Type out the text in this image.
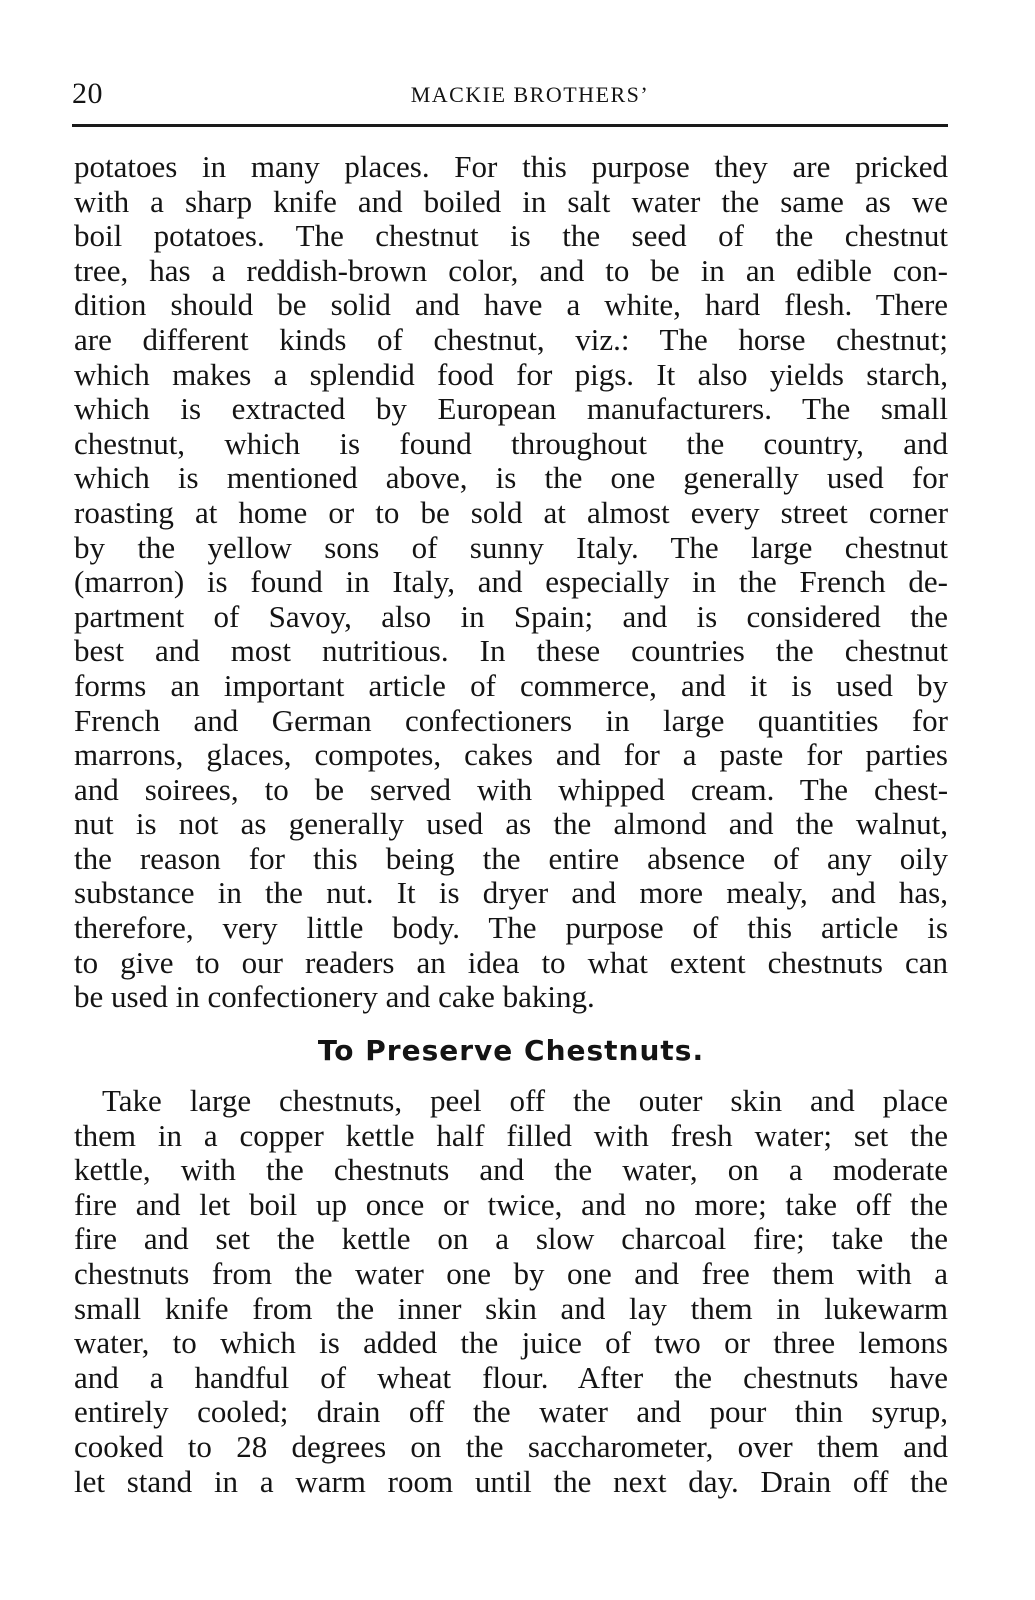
20	MACKIE BROTHERS’

potatoes in many places. For this purpose they are pricked
with a sharp knife and boiled in salt water the same as we
boil potatoes. The chestnut is the seed of the chestnut
tree, has a reddish-brown color, and to be in an edible con-
dition should be solid and have a white, hard flesh. There
are different kinds of chestnut, viz.: The horse chestnut;
which makes a splendid food for pigs. It also yields starch,
which is extracted by European manufacturers. The small
chestnut, which is found throughout the country, and
which is mentioned above, is the one generally used for
roasting at home or to be sold at almost every street corner
by the yellow sons of sunny Italy. The large chestnut
(marron) is found in Italy, and especially in the French de-
partment of Savoy, also in Spain; and is considered the
best and most nutritious. In these countries the chestnut
forms an important article of commerce, and it is used by
French and German confectioners in large quantities for
marrons, glaces, compotes, cakes and for a paste for parties
and soirees, to be served with whipped cream. The chest-
nut is not as generally used as the almond and the walnut,
the reason for this being the entire absence of any oily
substance in the nut. It is dryer and more mealy, and has,
therefore, very little body. The purpose of this article is
to give to our readers an idea to what extent chestnuts can
be used in confectionery and cake baking.

To Preserve Chestnuts.

Take large chestnuts, peel off the outer skin and place
them in a copper kettle half filled with fresh water; set the
kettle, with the chestnuts and the water, on a moderate
fire and let boil up once or twice, and no more; take off the
fire and set the kettle on a slow charcoal fire; take the
chestnuts from the water one by one and free them with a
small knife from the inner skin and lay them in lukewarm
water, to which is added the juice of two or three lemons
and a handful of wheat flour. After the chestnuts have
entirely cooled; drain off the water and pour thin syrup,
cooked to 28 degrees on the saccharometer, over them and
let stand in a warm room until the next day. Drain off the
